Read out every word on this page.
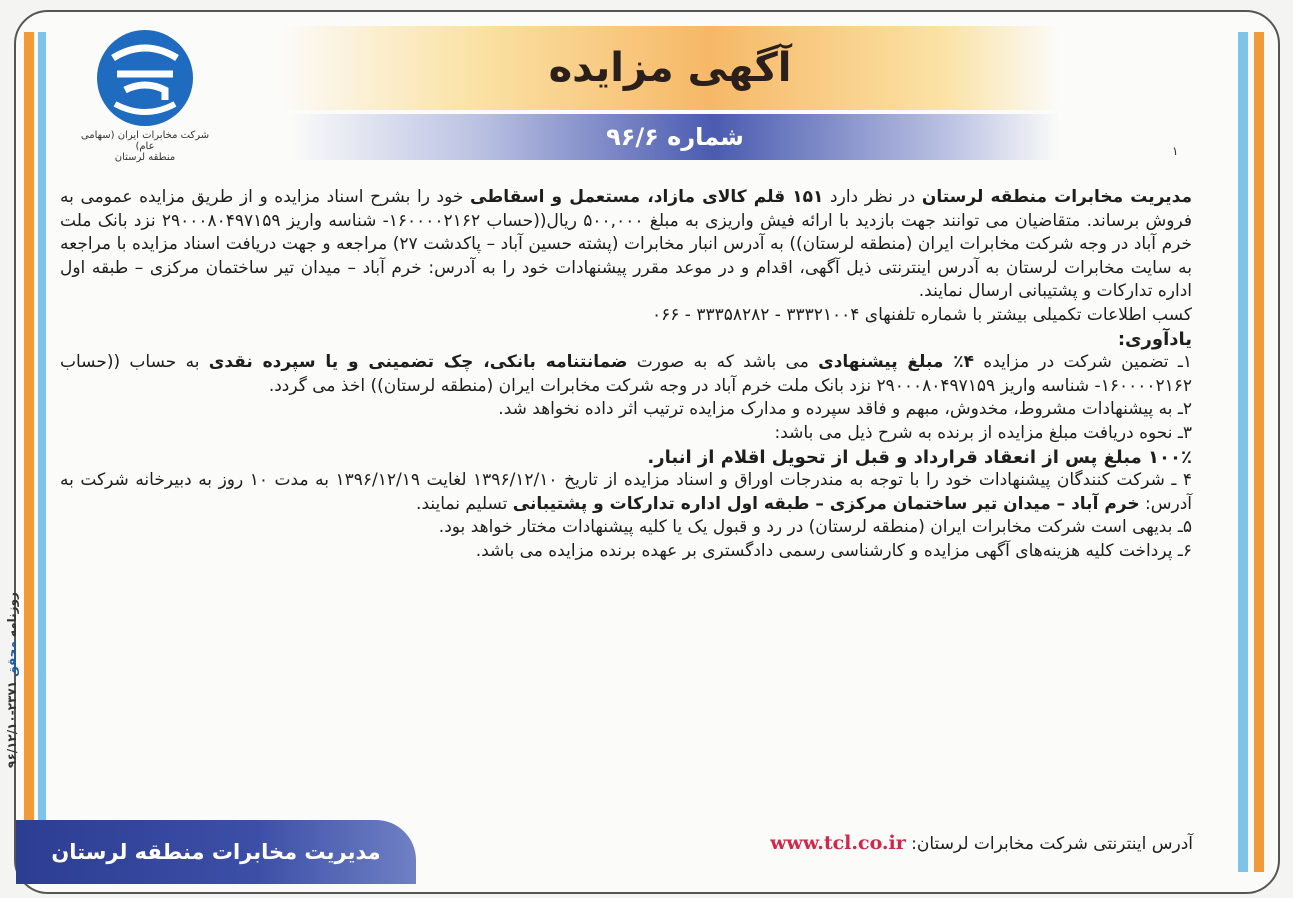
روزنامه محقق ۲۳۷۱-۹۶/۱۲/۱۰
شرکت مخابرات ایران (سهامی عام)
منطقه لرستان
آگهی مزایده
شماره ۹۶/۶	۱

مدیریت مخابرات منطقه لرستان در نظر دارد ۱۵۱ قلم کالای مازاد، مستعمل و اسقاطی خود را بشرح اسناد مزایده و از طریق مزایده عمومی به فروش برساند. متقاضیان می توانند جهت بازدید با ارائه فیش واریزی به مبلغ ۵۰۰,۰۰۰ ریال((حساب ۱۶۰۰۰۰۲۱۶۲- شناسه واریز ۲۹۰۰۰۸۰۴۹۷۱۵۹ نزد بانک ملت خرم آباد در وجه شرکت مخابرات ایران (منطقه لرستان)) به آدرس انبار مخابرات (پشته حسین آباد – پاکدشت ۲۷) مراجعه و جهت دریافت اسناد مزایده با مراجعه به سایت مخابرات لرستان به آدرس اینترنتی ذیل آگهی، اقدام و در موعد مقرر پیشنهادات خود را به آدرس: خرم آباد – میدان تیر ساختمان مرکزی – طبقه اول اداره تدارکات و پشتیبانی ارسال نمایند.

کسب اطلاعات تکمیلی بیشتر با شماره تلفنهای ۳۳۳۲۱۰۰۴ - ۳۳۳۵۸۲۸۲ - ۰۶۶

یادآوری:

۱ـ تضمین شرکت در مزایده ۴٪ مبلغ پیشنهادی می باشد که به صورت ضمانتنامه بانکی، چک تضمینی و یا سپرده نقدی به حساب ((حساب ۱۶۰۰۰۰۲۱۶۲- شناسه واریز ۲۹۰۰۰۸۰۴۹۷۱۵۹ نزد بانک ملت خرم آباد در وجه شرکت مخابرات ایران (منطقه لرستان)) اخذ می گردد.

۲ـ به پیشنهادات مشروط، مخدوش، مبهم و فاقد سپرده و مدارک مزایده ترتیب اثر داده نخواهد شد.

۳ـ نحوه دریافت مبلغ مزایده از برنده به شرح ذیل می باشد:

۱۰۰٪ مبلغ پس از انعقاد قرارداد و قبل از تحویل اقلام از انبار.

۴ ـ شرکت کنندگان پیشنهادات خود را با توجه به مندرجات اوراق و اسناد مزایده از تاریخ ۱۳۹۶/۱۲/۱۰ لغایت ۱۳۹۶/۱۲/۱۹ به مدت ۱۰ روز به دبیرخانه شرکت به آدرس: خرم آباد – میدان تیر ساختمان مرکزی – طبقه اول اداره تدارکات و پشتیبانی تسلیم نمایند.

۵ـ بدیهی است شرکت مخابرات ایران (منطقه لرستان) در رد و قبول یک یا کلیه پیشنهادات مختار خواهد بود.

۶ـ پرداخت کلیه هزینه‌های آگهی مزایده و کارشناسی رسمی دادگستری بر عهده برنده مزایده می باشد.

مدیریت مخابرات منطقه لرستان	آدرس اینترنتی شرکت مخابرات لرستان: www.tcl.co.ir
